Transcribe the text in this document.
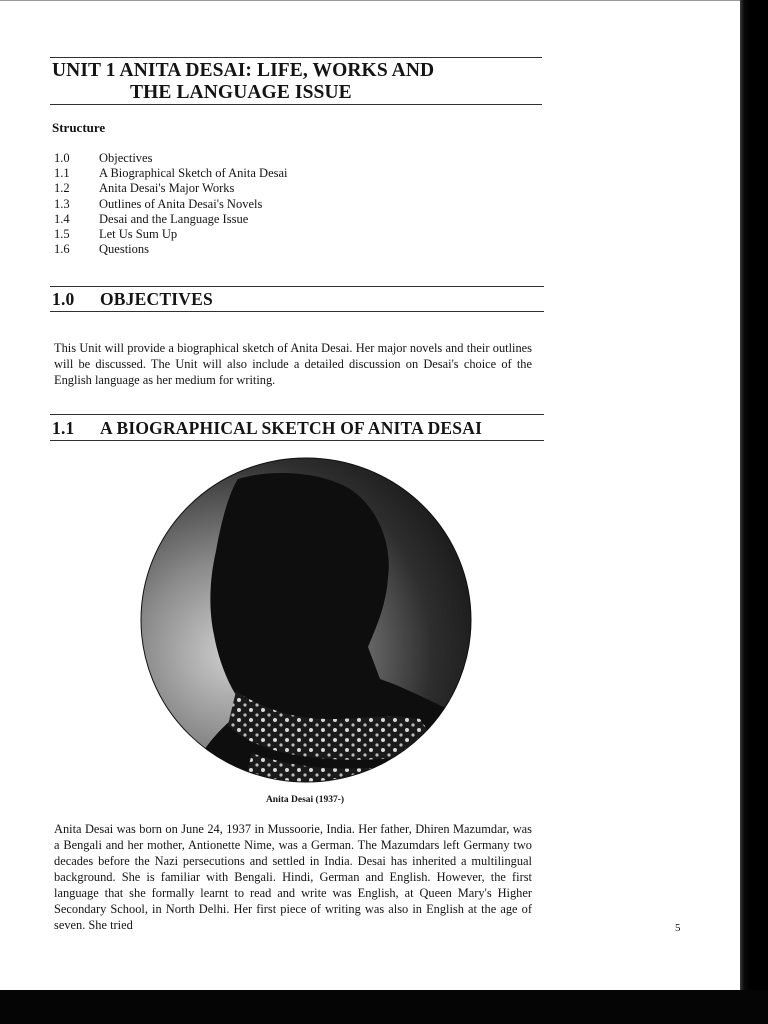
UNIT 1 ANITA DESAI: LIFE, WORKS AND
THE LANGUAGE ISSUE
Structure
1.0	Objectives
1.1	A Biographical Sketch of Anita Desai
1.2	Anita Desai's Major Works
1.3	Outlines of Anita Desai's Novels
1.4	Desai and the Language Issue
1.5	Let Us Sum Up
1.6	Questions
1.0 OBJECTIVES
This Unit will provide a biographical sketch of Anita Desai. Her major novels and their outlines will be discussed. The Unit will also include a detailed discussion on Desai's choice of the English language as her medium for writing.
1.1 A BIOGRAPHICAL SKETCH OF ANITA DESAI
Anita Desai (1937-)
Anita Desai was born on June 24, 1937 in Mussoorie, India. Her father, Dhiren Mazumdar, was a Bengali and her mother, Antionette Nime, was a German. The Mazumdars left Germany two decades before the Nazi persecutions and settled in India. Desai has inherited a multilingual background. She is familiar with Bengali. Hindi, German and English. However, the first language that she formally learnt to read and write was English, at Queen Mary's Higher Secondary School, in North Delhi. Her first piece of writing was also in English at the age of seven. She tried	5
